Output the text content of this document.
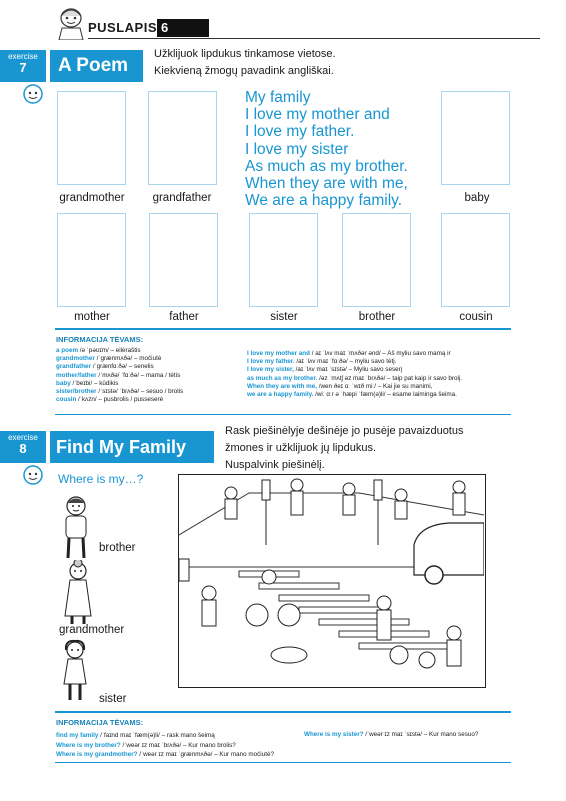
PUSLAPIS 6
exercise
7	A Poem
Užklijuok lipdukus tinkamose vietose.
Kiekvieną žmogų pavadink angliškai.
grandmother	grandfather	baby
My family
I love my mother and
I love my father.
I love my sister
As much as my brother.
When they are with me,
We are a happy family.
mother	father	sister	brother	cousin
INFORMACIJA TĖVAMS:
a poem /ə ˈpəʊɪm/ – eilėraštis
grandmother /ˈɡrænmʌðə/ – močiutė
grandfather /ˈɡrænfɑːðə/ – senelis
mother/father /ˈmʌðə/ ˈfɑːðə/ – mama / tėtis
baby /ˈbeɪbi/ – kūdikis
sister/brother /ˈsɪstə/ ˈbrʌðə/ – sesuo / brolis
cousin /ˈkʌzn/ – pusbrolis / pusseserė
I love my mother and / aɪ ˈlʌv maɪ ˈmʌðər ənd/ – Aš myliu savo mamą ir
I love my father. /aɪ ˈlʌv maɪ ˈfɑːðə/ – myliu savo tėtį.
I love my sister, /aɪ ˈlʌv maɪ ˈsɪstə/ – Myliu savo seserį
as much as my brother. /əz ˈmʌtʃ əz maɪ ˈbrʌðə/ – taip pat kaip ir savo brolį.
When they are with me, /wen ðeɪ ɑː ˈwɪð miː/ – Kai jie su manimi,
we are a happy family. /wiː ɑːr ə ˈhæpi ˈfæm(ə)li/ – esame laiminga šeima.
exercise
8	Find My Family
Rask piešinėlyje dešinėje jo pusėje pavaizduotus
žmones ir užklijuok jų lipdukus.
Nuspalvink piešinėlį.
Where is my…?
brother
grandmother
sister
INFORMACIJA TĖVAMS:
find my family /ˈfaɪnd maɪ ˈfæm(ə)li/ – rask mano šeimą
Where is my brother? /ˈweər ɪz maɪ ˈbrʌðə/ – Kur mano brolis?
Where is my grandmother? /ˈweər ɪz maɪ ˈɡrænmʌðə/ – Kur mano močiutė?
Where is my sister? /ˈweər ɪz maɪ ˈsɪstə/ – Kur mano sesuo?
